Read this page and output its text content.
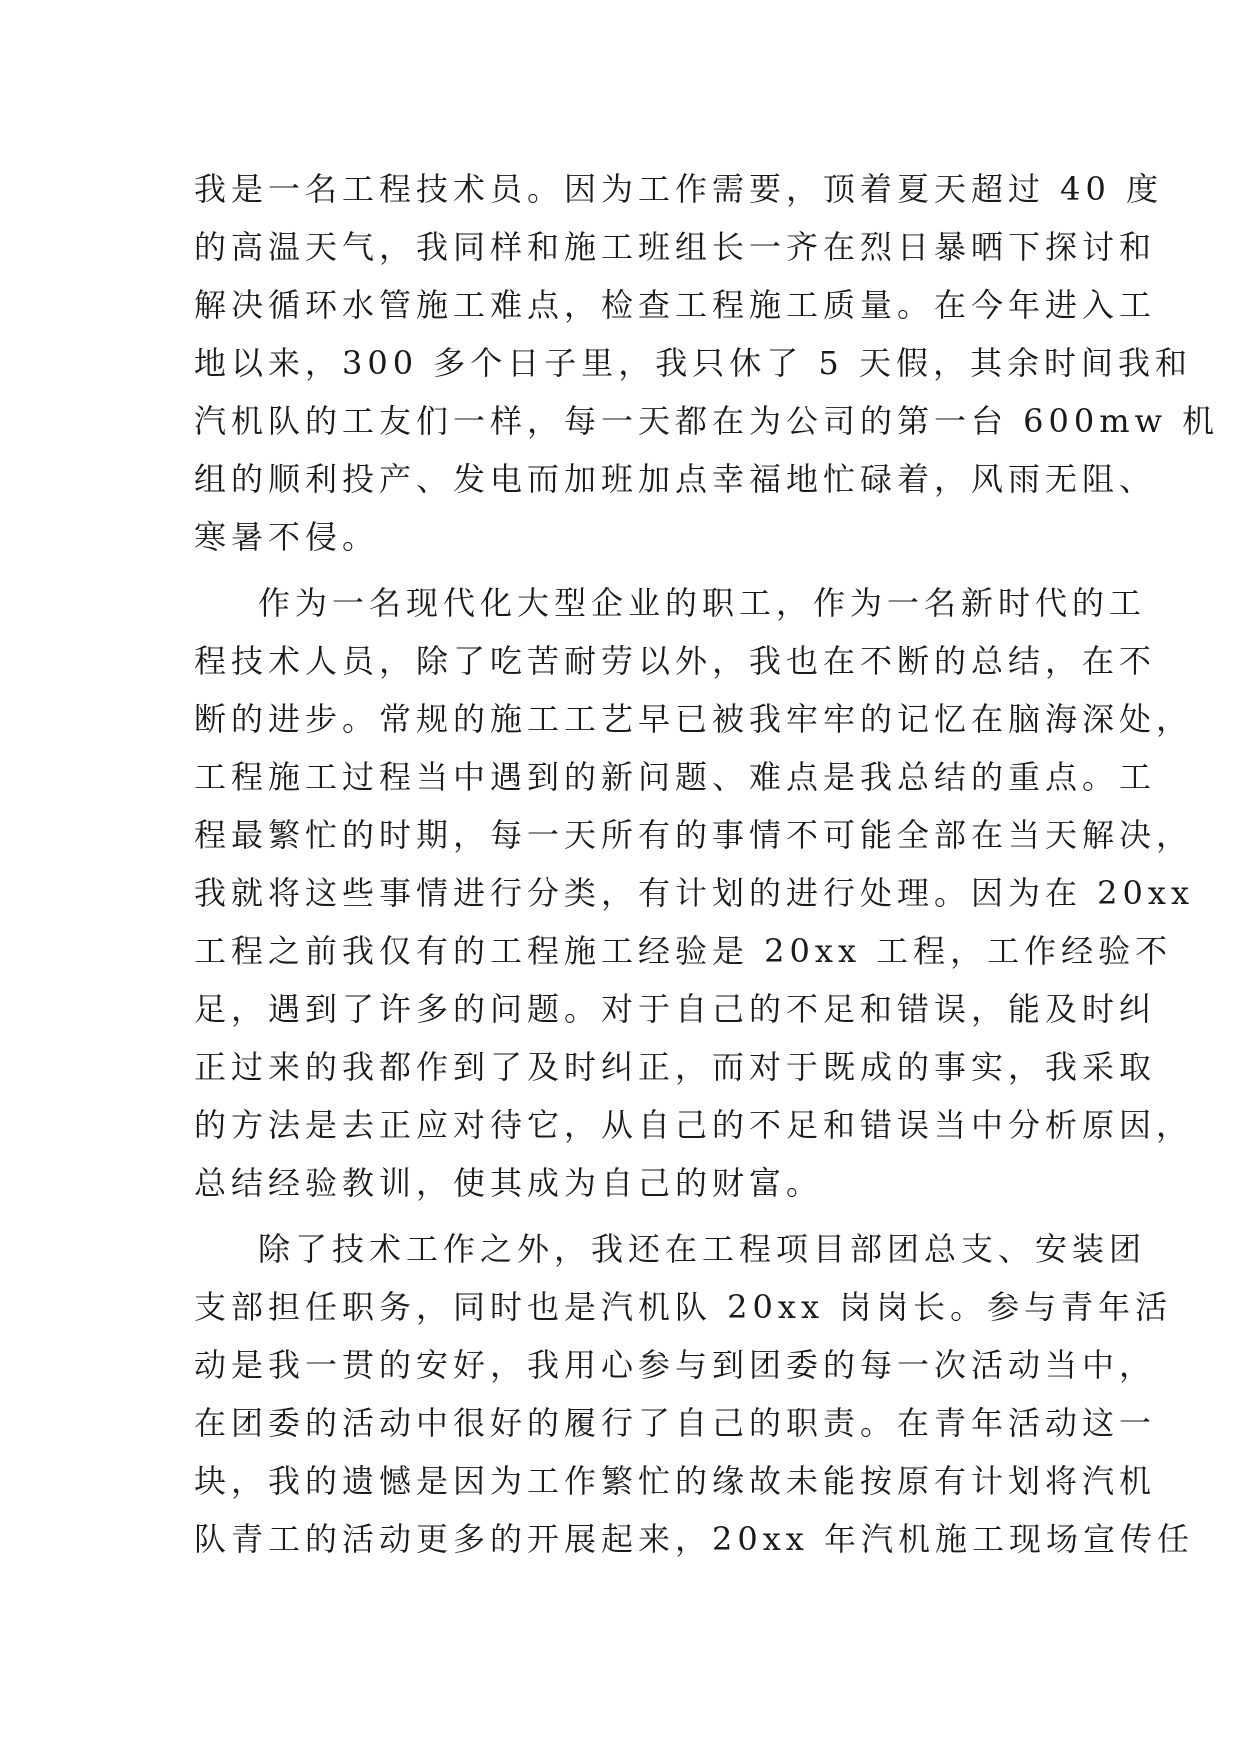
我是一名工程技术员。因为工作需要，顶着夏天超过 40 度
的高温天气，我同样和施工班组长一齐在烈日暴晒下探讨和
解决循环水管施工难点，检查工程施工质量。在今年进入工
地以来，300 多个日子里，我只休了 5 天假，其余时间我和
汽机队的工友们一样，每一天都在为公司的第一台 600mw 机
组的顺利投产、发电而加班加点幸福地忙碌着，风雨无阻、
寒暑不侵。
作为一名现代化大型企业的职工，作为一名新时代的工
程技术人员，除了吃苦耐劳以外，我也在不断的总结，在不
断的进步。常规的施工工艺早已被我牢牢的记忆在脑海深处，
工程施工过程当中遇到的新问题、难点是我总结的重点。工
程最繁忙的时期，每一天所有的事情不可能全部在当天解决，
我就将这些事情进行分类，有计划的进行处理。因为在 20xx
工程之前我仅有的工程施工经验是 20xx 工程，工作经验不
足，遇到了许多的问题。对于自己的不足和错误，能及时纠
正过来的我都作到了及时纠正，而对于既成的事实，我采取
的方法是去正应对待它，从自己的不足和错误当中分析原因，
总结经验教训，使其成为自己的财富。
除了技术工作之外，我还在工程项目部团总支、安装团
支部担任职务，同时也是汽机队 20xx 岗岗长。参与青年活
动是我一贯的安好，我用心参与到团委的每一次活动当中，
在团委的活动中很好的履行了自己的职责。在青年活动这一
块，我的遗憾是因为工作繁忙的缘故未能按原有计划将汽机
队青工的活动更多的开展起来，20xx 年汽机施工现场宣传任
